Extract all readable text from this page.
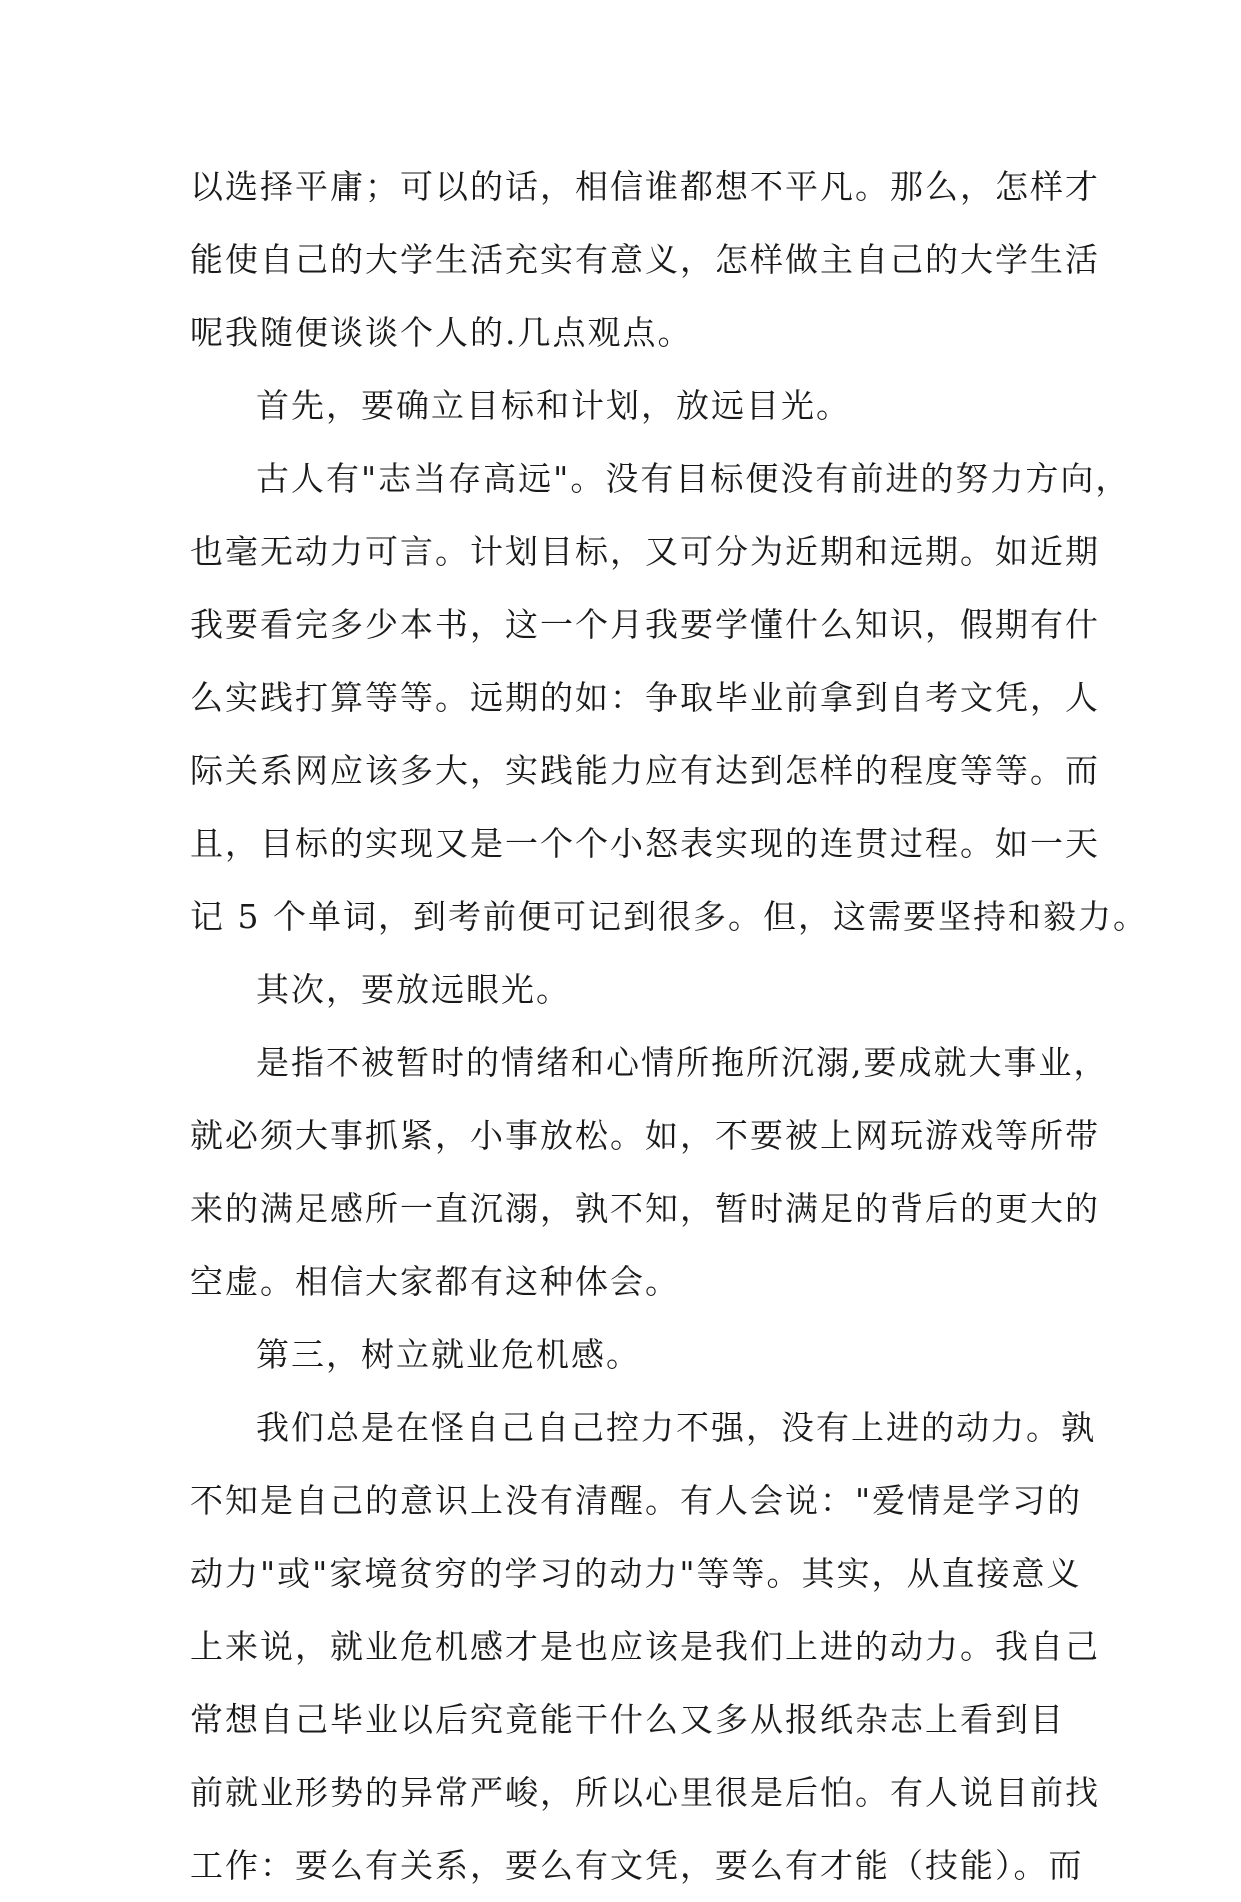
以选择平庸；可以的话，相信谁都想不平凡。那么，怎样才
能使自己的大学生活充实有意义，怎样做主自己的大学生活
呢我随便谈谈个人的.几点观点。
首先，要确立目标和计划，放远目光。
古人有"志当存高远"。没有目标便没有前进的努力方向，
也毫无动力可言。计划目标，又可分为近期和远期。如近期
我要看完多少本书，这一个月我要学懂什么知识，假期有什
么实践打算等等。远期的如：争取毕业前拿到自考文凭，人
际关系网应该多大，实践能力应有达到怎样的程度等等。而
且，目标的实现又是一个个小怒表实现的连贯过程。如一天
记 5 个单词，到考前便可记到很多。但，这需要坚持和毅力。
其次，要放远眼光。
是指不被暂时的情绪和心情所拖所沉溺,要成就大事业，
就必须大事抓紧，小事放松。如，不要被上网玩游戏等所带
来的满足感所一直沉溺，孰不知，暂时满足的背后的更大的
空虚。相信大家都有这种体会。
第三，树立就业危机感。
我们总是在怪自己自己控力不强，没有上进的动力。孰
不知是自己的意识上没有清醒。有人会说："爱情是学习的
动力"或"家境贫穷的学习的动力"等等。其实，从直接意义
上来说，就业危机感才是也应该是我们上进的动力。我自己
常想自己毕业以后究竟能干什么又多从报纸杂志上看到目
前就业形势的异常严峻，所以心里很是后怕。有人说目前找
工作：要么有关系，要么有文凭，要么有才能（技能）。而
